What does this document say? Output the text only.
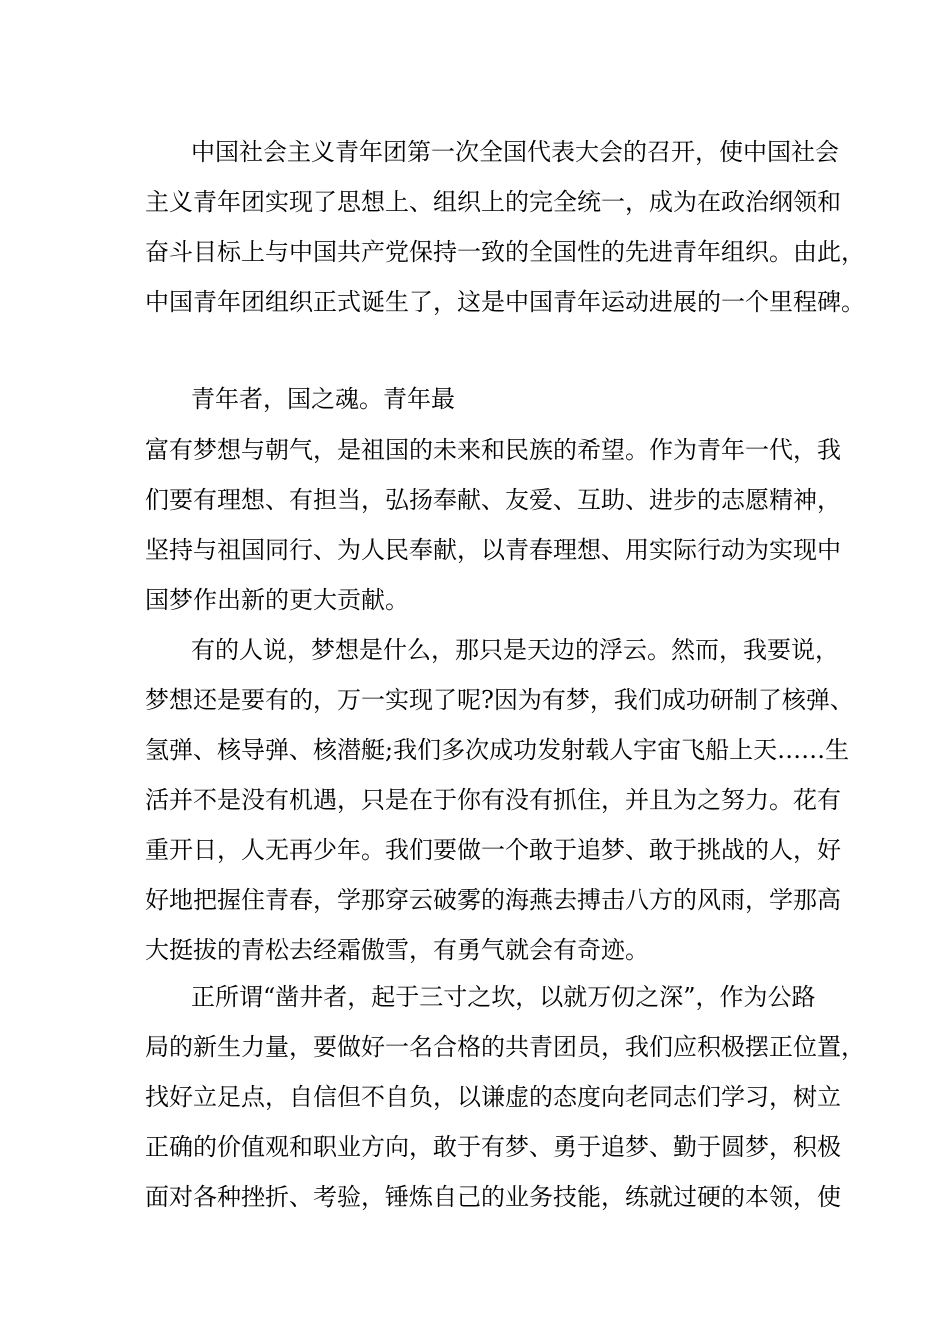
中国社会主义青年团第一次全国代表大会的召开，使中国社会
主义青年团实现了思想上、组织上的完全统一，成为在政治纲领和
奋斗目标上与中国共产党保持一致的全国性的先进青年组织。由此，
中国青年团组织正式诞生了，这是中国青年运动进展的一个里程碑。
青年者，国之魂。青年最
富有梦想与朝气，是祖国的未来和民族的希望。作为青年一代，我
们要有理想、有担当，弘扬奉献、友爱、互助、进步的志愿精神，
坚持与祖国同行、为人民奉献，以青春理想、用实际行动为实现中
国梦作出新的更大贡献。
有的人说，梦想是什么，那只是天边的浮云。然而，我要说，
梦想还是要有的，万一实现了呢?因为有梦，我们成功研制了核弹、
氢弹、核导弹、核潜艇;我们多次成功发射载人宇宙飞船上天……生
活并不是没有机遇，只是在于你有没有抓住，并且为之努力。花有
重开日，人无再少年。我们要做一个敢于追梦、敢于挑战的人，好
好地把握住青春，学那穿云破雾的海燕去搏击八方的风雨，学那高
大挺拔的青松去经霜傲雪，有勇气就会有奇迹。
正所谓“凿井者，起于三寸之坎，以就万仞之深”，作为公路
局的新生力量，要做好一名合格的共青团员，我们应积极摆正位置，
找好立足点，自信但不自负，以谦虚的态度向老同志们学习，树立
正确的价值观和职业方向，敢于有梦、勇于追梦、勤于圆梦，积极
面对各种挫折、考验，锤炼自己的业务技能，练就过硬的本领，使
